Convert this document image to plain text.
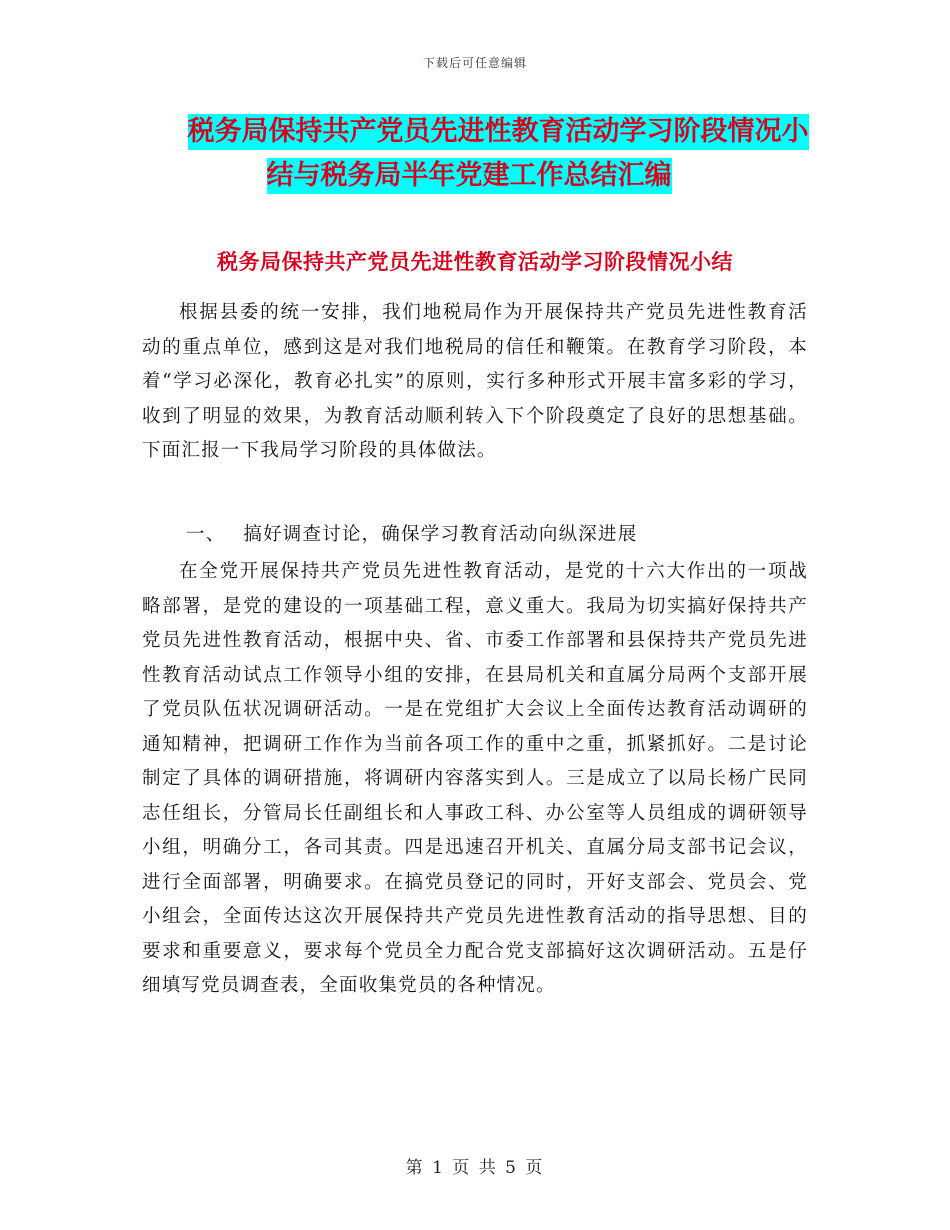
下载后可任意编辑
税务局保持共产党员先进性教育活动学习阶段情况小
结与税务局半年党建工作总结汇编
税务局保持共产党员先进性教育活动学习阶段情况小结

根据县委的统一安排，我们地税局作为开展保持共产党员先进性教育活动的重点单位，感到这是对我们地税局的信任和鞭策。在教育学习阶段，本着“学习必深化，教育必扎实”的原则，实行多种形式开展丰富多彩的学习，收到了明显的效果，为教育活动顺利转入下个阶段奠定了良好的思想基础。下面汇报一下我局学习阶段的具体做法。

一、 搞好调查讨论，确保学习教育活动向纵深进展

在全党开展保持共产党员先进性教育活动，是党的十六大作出的一项战略部署，是党的建设的一项基础工程，意义重大。我局为切实搞好保持共产党员先进性教育活动，根据中央、省、市委工作部署和县保持共产党员先进性教育活动试点工作领导小组的安排，在县局机关和直属分局两个支部开展了党员队伍状况调研活动。一是在党组扩大会议上全面传达教育活动调研的通知精神，把调研工作作为当前各项工作的重中之重，抓紧抓好。二是讨论制定了具体的调研措施，将调研内容落实到人。三是成立了以局长杨广民同志任组长，分管局长任副组长和人事政工科、办公室等人员组成的调研领导小组，明确分工，各司其责。四是迅速召开机关、直属分局支部书记会议，进行全面部署，明确要求。在搞党员登记的同时，开好支部会、党员会、党小组会，全面传达这次开展保持共产党员先进性教育活动的指导思想、目的要求和重要意义，要求每个党员全力配合党支部搞好这次调研活动。五是仔细填写党员调查表，全面收集党员的各种情况。

第 1 页 共 5 页
